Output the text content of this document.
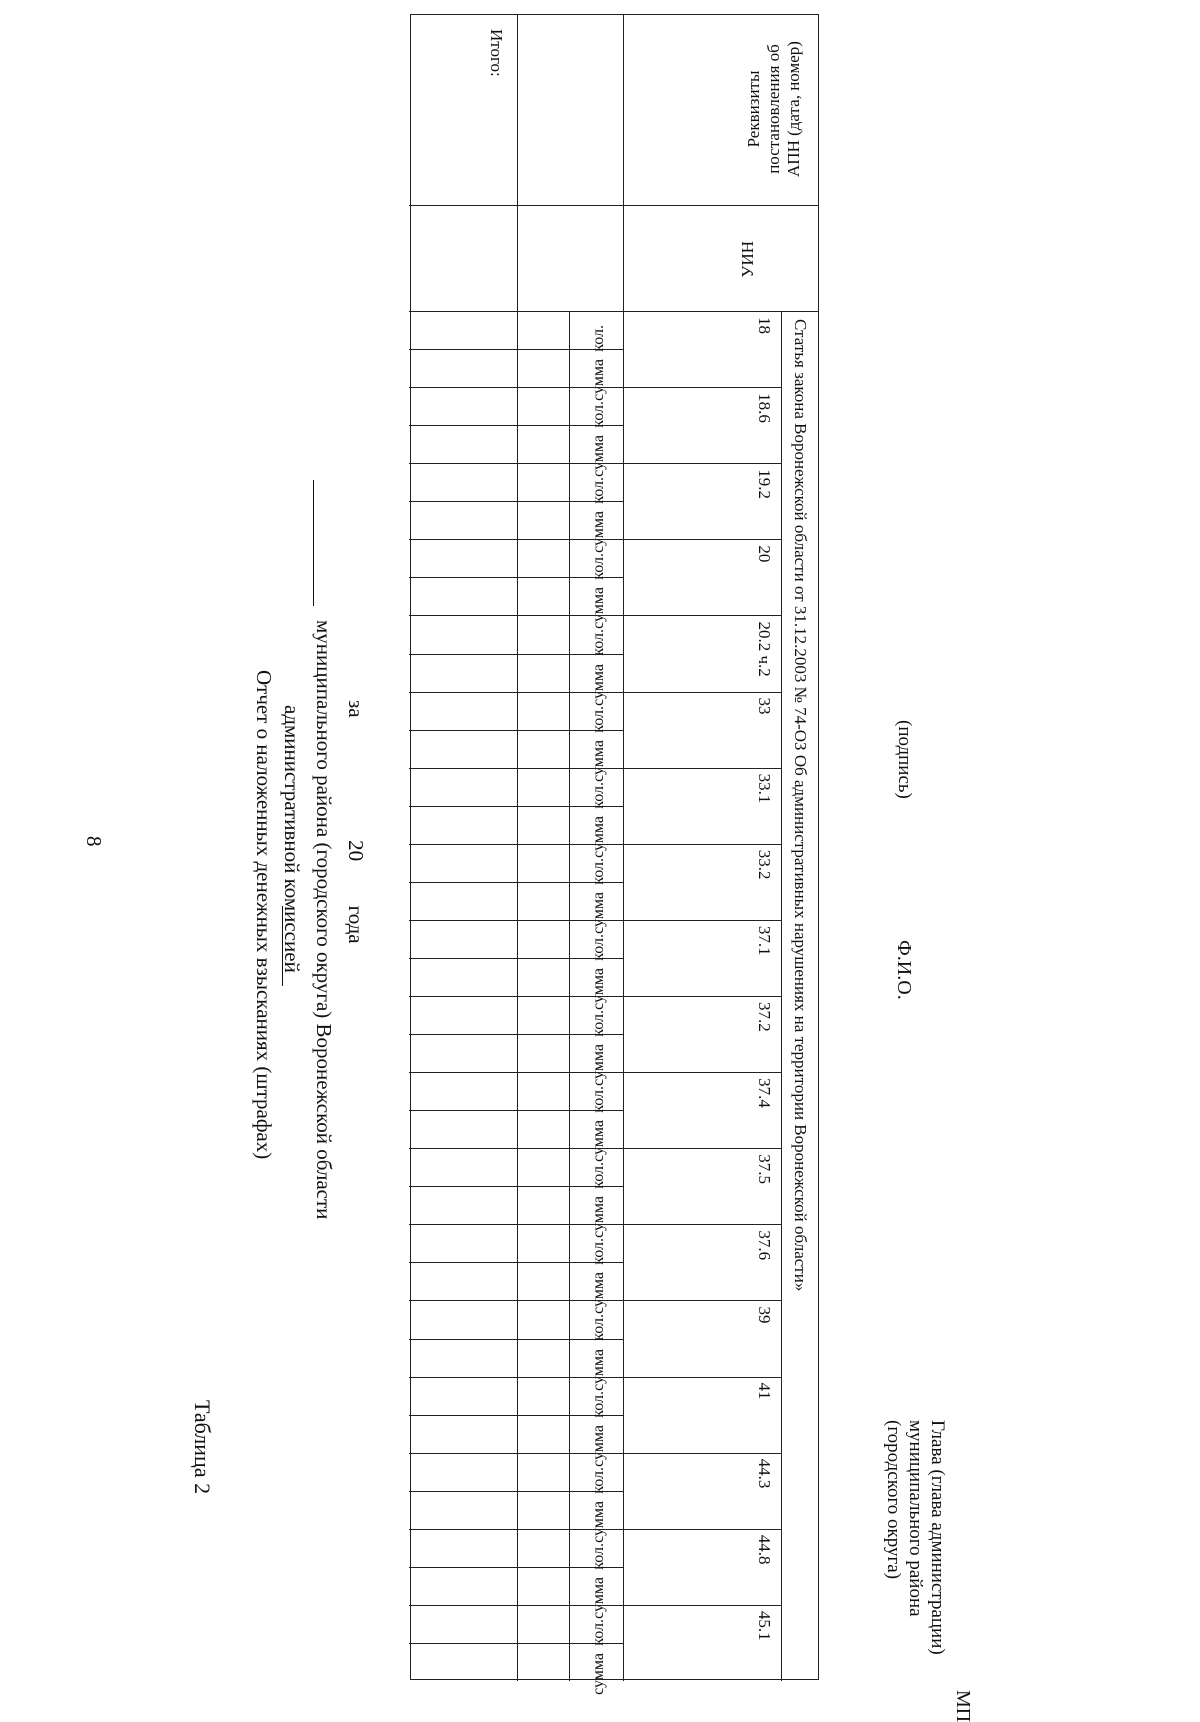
8
Таблица 2
Отчет о наложенных денежных взысканиях (штрафах) административной комиссией муниципального района (городского округа) Воронежской области за  20  года
Реквизиты постановления об АПН (дата, номер)
УИН
Статья закона Воронежской области от 31.12.2003 № 74-ОЗ Об административных нарушениях на территории Воронежской области»
Итого:
18
кол.
сумма
18.6
кол.
сумма
19.2
кол.
сумма
20
кол.
сумма
20.2 ч.2
кол.
сумма
33
кол.
сумма
33.1
кол.
сумма
33.2
кол.
сумма
37.1
кол.
сумма
37.2
кол.
сумма
37.4
кол.
сумма
37.5
кол.
сумма
37.6
кол.
сумма
39
кол.
сумма
41
кол.
сумма
44.3
кол.
сумма
44.8
кол.
сумма
45.1
кол.
сумма
Глава (глава администрации)
муниципального района
(городского округа)
(подпись)
Ф.И.О.
МП
